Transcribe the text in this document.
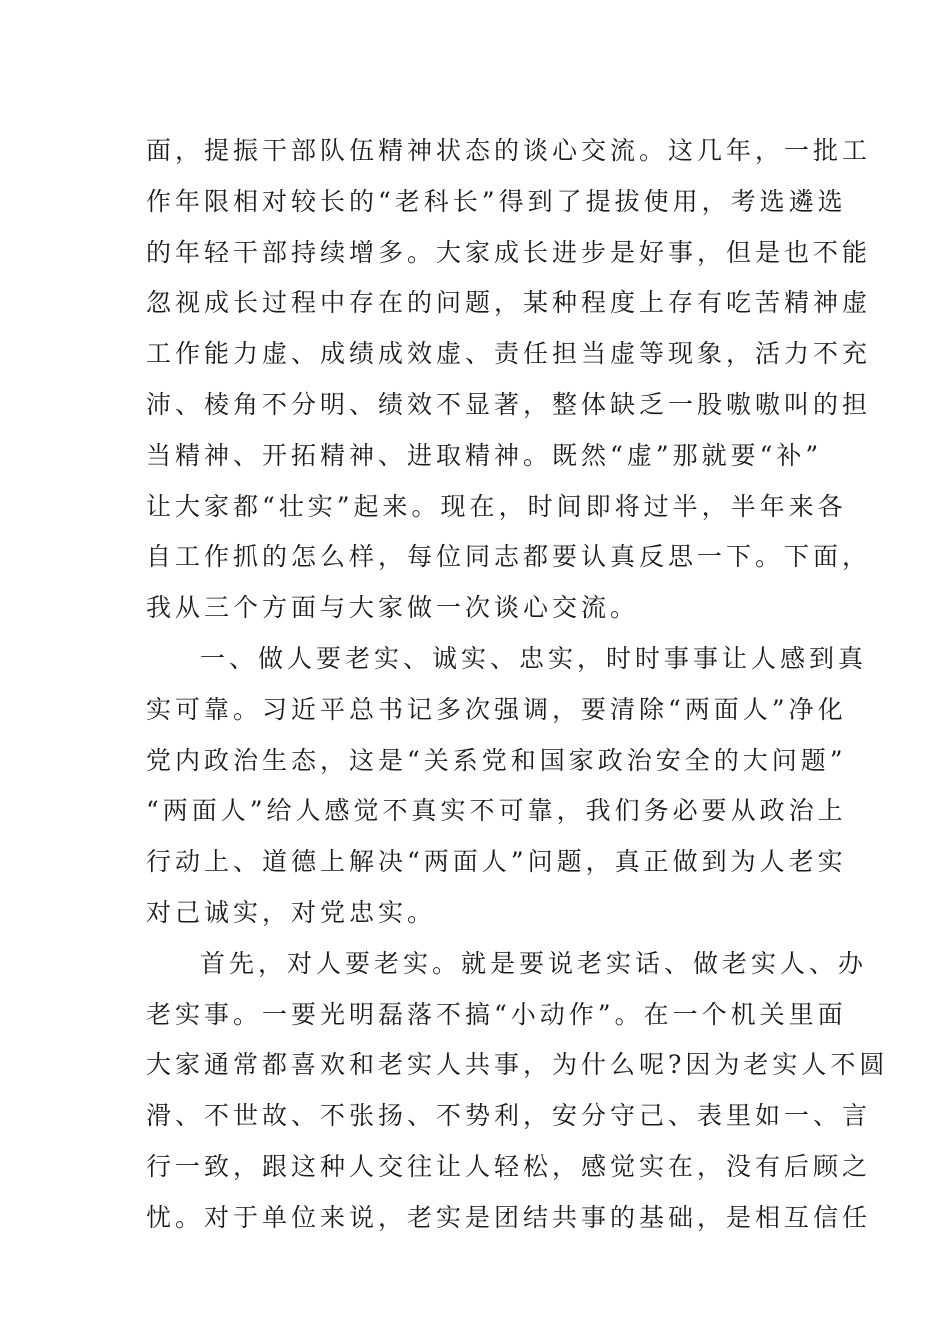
面，提振干部队伍精神状态的谈心交流。这几年，一批工
作年限相对较长的“老科长”得到了提拔使用，考选遴选
的年轻干部持续增多。大家成长进步是好事，但是也不能
忽视成长过程中存在的问题，某种程度上存有吃苦精神虚
工作能力虚、成绩成效虚、责任担当虚等现象，活力不充
沛、棱角不分明、绩效不显著，整体缺乏一股嗷嗷叫的担
当精神、开拓精神、进取精神。既然“虚”那就要“补”
让大家都“壮实”起来。现在，时间即将过半，半年来各
自工作抓的怎么样，每位同志都要认真反思一下。下面，
我从三个方面与大家做一次谈心交流。
一、做人要老实、诚实、忠实，时时事事让人感到真
实可靠。习近平总书记多次强调，要清除“两面人”净化
党内政治生态，这是“关系党和国家政治安全的大问题”
“两面人”给人感觉不真实不可靠，我们务必要从政治上
行动上、道德上解决“两面人”问题，真正做到为人老实
对己诚实，对党忠实。
首先，对人要老实。就是要说老实话、做老实人、办
老实事。一要光明磊落不搞“小动作”。在一个机关里面
大家通常都喜欢和老实人共事，为什么呢?因为老实人不圆
滑、不世故、不张扬、不势利，安分守己、表里如一、言
行一致，跟这种人交往让人轻松，感觉实在，没有后顾之
忧。对于单位来说，老实是团结共事的基础，是相互信任
